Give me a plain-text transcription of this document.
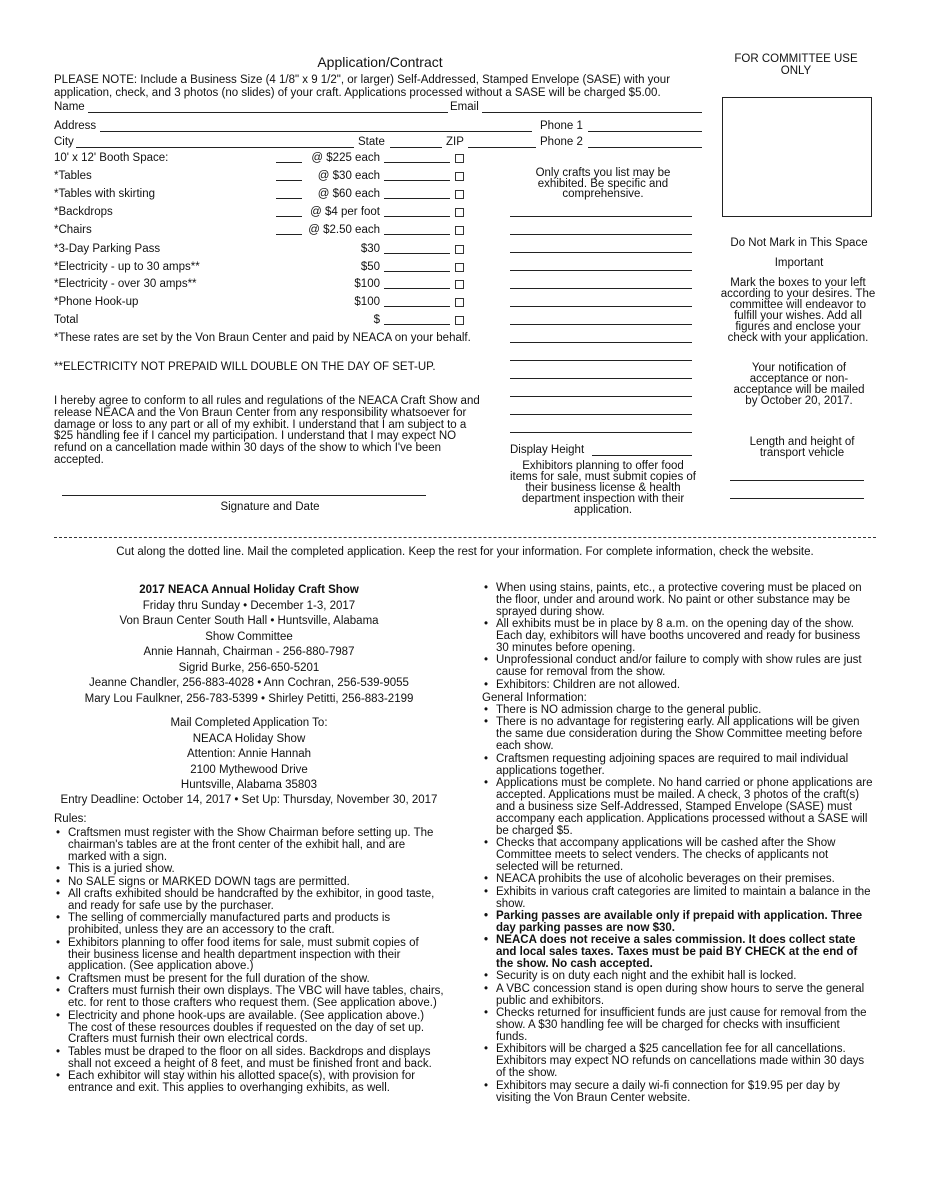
Application/Contract
PLEASE NOTE: Include a Business Size (4 1/8" x 9 1/2", or larger) Self-Addressed, Stamped Envelope (SASE) with your application, check, and 3 photos (no slides) of your craft. Applications processed without a SASE will be charged $5.00.
FOR COMMITTEE USE ONLY
Name	Email
Address	Phone 1
City	State	ZIP	Phone 2
10' x 12' Booth Space:	@ $225 each
*Tables	@ $30 each
*Tables with skirting	@ $60 each
*Backdrops	@ $4 per foot
*Chairs	@ $2.50 each
*3-Day Parking Pass	$30
*Electricity - up to 30 amps**	$50
*Electricity - over 30 amps**	$100
*Phone Hook-up	$100
Total	$
*These rates are set by the Von Braun Center and paid by NEACA on your behalf.
**ELECTRICITY NOT PREPAID WILL DOUBLE ON THE DAY OF SET-UP.
I hereby agree to conform to all rules and regulations of the NEACA Craft Show and release NEACA and the Von Braun Center from any responsibility whatsoever for damage or loss to any part or all of my exhibit. I understand that I am subject to a $25 handling fee if I cancel my participation. I understand that I may expect NO refund on a cancellation made within 30 days of the show to which I've been accepted.
Signature and Date
Only crafts you list may be exhibited. Be specific and comprehensive.
Display Height
Exhibitors planning to offer food items for sale, must submit copies of their business license & health department inspection with their application.
Do Not Mark in This Space
Important
Mark the boxes to your left according to your desires. The committee will endeavor to fulfill your wishes. Add all figures and enclose your check with your application.
Your notification of acceptance or non-acceptance will be mailed by October 20, 2017.
Length and height of transport vehicle
Cut along the dotted line. Mail the completed application. Keep the rest for your information. For complete information, check the website.
2017 NEACA Annual Holiday Craft Show
Friday thru Sunday • December 1-3, 2017
Von Braun Center South Hall • Huntsville, Alabama
Show Committee
Annie Hannah, Chairman - 256-880-7987
Sigrid Burke, 256-650-5201
Jeanne Chandler, 256-883-4028 • Ann Cochran, 256-539-9055
Mary Lou Faulkner, 256-783-5399 • Shirley Petitti, 256-883-2199
Mail Completed Application To:
NEACA Holiday Show
Attention: Annie Hannah
2100 Mythewood Drive
Huntsville, Alabama 35803
Entry Deadline: October 14, 2017 • Set Up: Thursday, November 30, 2017
Rules:
• Craftsmen must register with the Show Chairman before setting up. The chairman's tables are at the front center of the exhibit hall, and are marked with a sign.
• This is a juried show.
• No SALE signs or MARKED DOWN tags are permitted.
• All crafts exhibited should be handcrafted by the exhibitor, in good taste, and ready for safe use by the purchaser.
• The selling of commercially manufactured parts and products is prohibited, unless they are an accessory to the craft.
• Exhibitors planning to offer food items for sale, must submit copies of their business license and health department inspection with their application. (See application above.)
• Craftsmen must be present for the full duration of the show.
• Crafters must furnish their own displays. The VBC will have tables, chairs, etc. for rent to those crafters who request them. (See application above.)
• Electricity and phone hook-ups are available. (See application above.) The cost of these resources doubles if requested on the day of set up. Crafters must furnish their own electrical cords.
• Tables must be draped to the floor on all sides. Backdrops and displays shall not exceed a height of 8 feet, and must be finished front and back.
• Each exhibitor will stay within his allotted space(s), with provision for entrance and exit. This applies to overhanging exhibits, as well.
• When using stains, paints, etc., a protective covering must be placed on the floor, under and around work. No paint or other substance may be sprayed during show.
• All exhibits must be in place by 8 a.m. on the opening day of the show. Each day, exhibitors will have booths uncovered and ready for business 30 minutes before opening.
• Unprofessional conduct and/or failure to comply with show rules are just cause for removal from the show.
• Exhibitors: Children are not allowed.
General Information:
• There is NO admission charge to the general public.
• There is no advantage for registering early. All applications will be given the same due consideration during the Show Committee meeting before each show.
• Craftsmen requesting adjoining spaces are required to mail individual applications together.
• Applications must be complete. No hand carried or phone applications are accepted. Applications must be mailed. A check, 3 photos of the craft(s) and a business size Self-Addressed, Stamped Envelope (SASE) must accompany each application. Applications processed without a SASE will be charged $5.
• Checks that accompany applications will be cashed after the Show Committee meets to select venders. The checks of applicants not selected will be returned.
• NEACA prohibits the use of alcoholic beverages on their premises.
• Exhibits in various craft categories are limited to maintain a balance in the show.
• Parking passes are available only if prepaid with application. Three day parking passes are now $30.
• NEACA does not receive a sales commission. It does collect state and local sales taxes. Taxes must be paid BY CHECK at the end of the show. No cash accepted.
• Security is on duty each night and the exhibit hall is locked.
• A VBC concession stand is open during show hours to serve the general public and exhibitors.
• Checks returned for insufficient funds are just cause for removal from the show. A $30 handling fee will be charged for checks with insufficient funds.
• Exhibitors will be charged a $25 cancellation fee for all cancellations. Exhibitors may expect NO refunds on cancellations made within 30 days of the show.
• Exhibitors may secure a daily wi-fi connection for $19.95 per day by visiting the Von Braun Center website.
